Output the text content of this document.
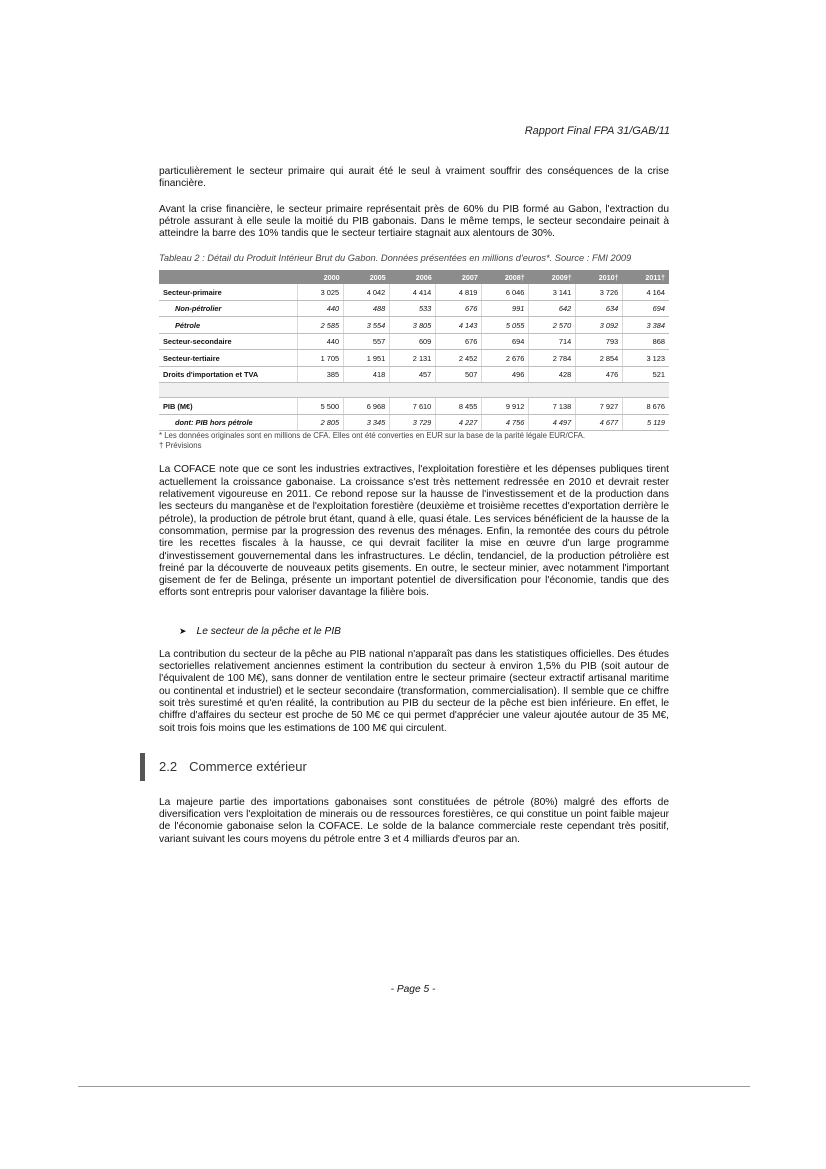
Rapport Final FPA 31/GAB/11

particulièrement le secteur primaire qui aurait été le seul à vraiment souffrir des conséquences de la crise financière.

Avant la crise financière, le secteur primaire représentait près de 60% du PIB formé au Gabon, l'extraction du pétrole assurant à elle seule la moitié du PIB gabonais. Dans le même temps, le secteur secondaire peinait à atteindre la barre des 10% tandis que le secteur tertiaire stagnait aux alentours de 30%.

Tableau 2 : Détail du Produit Intérieur Brut du Gabon. Données présentées en millions d'euros*. Source : FMI 2009
	2000	2005	2006	2007	2008†	2009†	2010†	2011†
Secteur-primaire	3 025	4 042	4 414	4 819	6 046	3 141	3 726	4 164
Non-pétrolier	440	488	533	676	991	642	634	694
Pétrole	2 585	3 554	3 805	4 143	5 055	2 570	3 092	3 384
Secteur-secondaire	440	557	609	676	694	714	793	868
Secteur-tertiaire	1 705	1 951	2 131	2 452	2 676	2 784	2 854	3 123
Droits d'importation et TVA	385	418	457	507	496	428	476	521

PIB (M€)	5 500	6 968	7 610	8 455	9 912	7 138	7 927	8 676
dont: PIB hors pétrole	2 805	3 345	3 729	4 227	4 756	4 497	4 677	5 119
* Les données originales sont en millions de CFA. Elles ont été converties en EUR sur la base de la parité légale EUR/CFA.
† Prévisions

La COFACE note que ce sont les industries extractives, l'exploitation forestière et les dépenses publiques tirent actuellement la croissance gabonaise. La croissance s'est très nettement redressée en 2010 et devrait rester relativement vigoureuse en 2011. Ce rebond repose sur la hausse de l'investissement et de la production dans les secteurs du manganèse et de l'exploitation forestière (deuxième et troisième recettes d'exportation derrière le pétrole), la production de pétrole brut étant, quand à elle, quasi étale. Les services bénéficient de la hausse de la consommation, permise par la progression des revenus des ménages. Enfin, la remontée des cours du pétrole tire les recettes fiscales à la hausse, ce qui devrait faciliter la mise en œuvre d'un large programme d'investissement gouvernemental dans les infrastructures. Le déclin, tendanciel, de la production pétrolière est freiné par la découverte de nouveaux petits gisements. En outre, le secteur minier, avec notamment l'important gisement de fer de Belinga, présente un important potentiel de diversification pour l'économie, tandis que des efforts sont entrepris pour valoriser davantage la filière bois.

➤ Le secteur de la pêche et le PIB

La contribution du secteur de la pêche au PIB national n'apparaît pas dans les statistiques officielles. Des études sectorielles relativement anciennes estiment la contribution du secteur à environ 1,5% du PIB (soit autour de l'équivalent de 100 M€), sans donner de ventilation entre le secteur primaire (secteur extractif artisanal maritime ou continental et industriel) et le secteur secondaire (transformation, commercialisation). Il semble que ce chiffre soit très surestimé et qu'en réalité, la contribution au PIB du secteur de la pêche est bien inférieure. En effet, le chiffre d'affaires du secteur est proche de 50 M€ ce qui permet d'apprécier une valeur ajoutée autour de 35 M€, soit trois fois moins que les estimations de 100 M€ qui circulent.

2.2 Commerce extérieur

La majeure partie des importations gabonaises sont constituées de pétrole (80%) malgré des efforts de diversification vers l'exploitation de minerais ou de ressources forestières, ce qui constitue un point faible majeur de l'économie gabonaise selon la COFACE. Le solde de la balance commerciale reste cependant très positif, variant suivant les cours moyens du pétrole entre 3 et 4 milliards d'euros par an.

- Page 5 -
